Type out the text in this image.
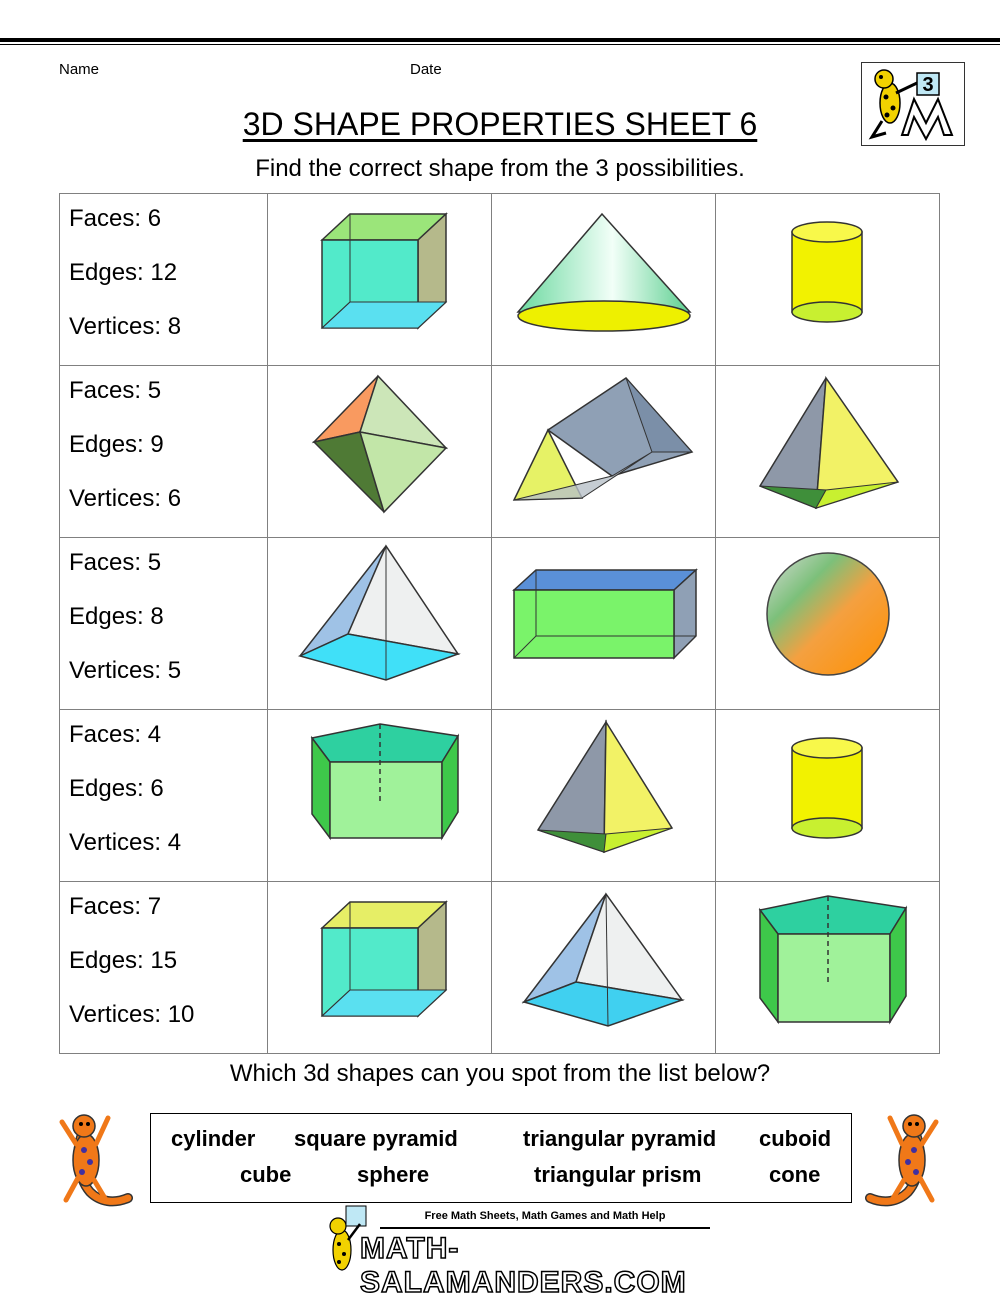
Name	Date
3
3D SHAPE PROPERTIES SHEET 6
Find the correct shape from the 3 possibilities.
Faces: 6
Edges: 12
Vertices: 8

Faces: 5
Edges: 9
Vertices: 6

Faces: 5
Edges: 8
Vertices: 5

Faces: 4
Edges: 6
Vertices: 4

Faces: 7
Edges: 15
Vertices: 10

Which 3d shapes can you spot from the list below?
cylinder square pyramid	triangular pyramid cuboid
cube	sphere	triangular prism	cone
Free Math Sheets, Math Games and Math Help
MATH-SALAMANDERS.COM
